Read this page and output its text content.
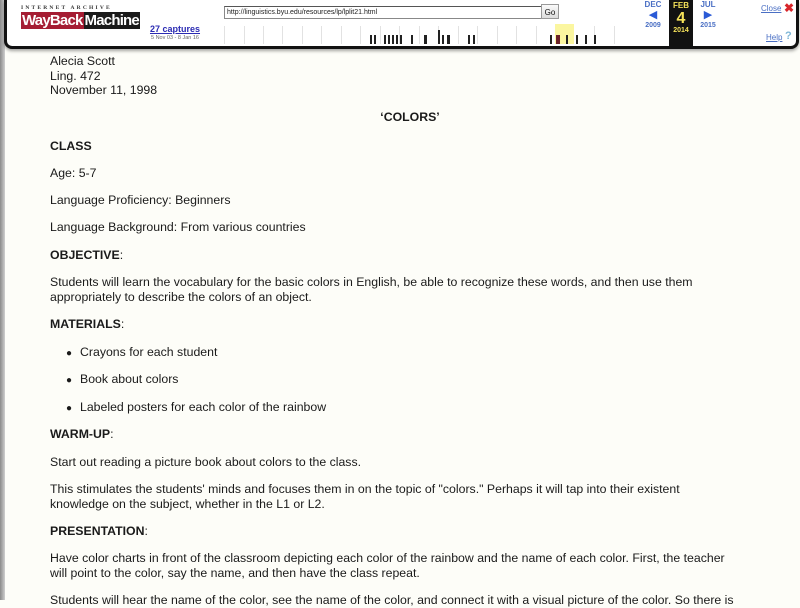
INTERNET ARCHIVE
WayBack Machine	27 captures
5 Nov 03 - 8 Jan 16
http://linguistics.byu.edu/resources/lp/lplit21.html
Go
DEC
◀
2009
FEB
4
2014
JUL
▶
2015
Close ✖
Help ?
Alecia Scott
Ling. 472
November 11, 1998
‘COLORS’
CLASS

Age: 5-7

Language Proficiency: Beginners

Language Background: From various countries

OBJECTIVE:

Students will learn the vocabulary for the basic colors in English, be able to recognize these words, and then use them

appropriately to describe the colors of an object.

MATERIALS:
● Crayons for each student
● Book about colors
● Labeled posters for each color of the rainbow
WARM-UP:

Start out reading a picture book about colors to the class.

This stimulates the students' minds and focuses them in on the topic of "colors." Perhaps it will tap into their existent

knowledge on the subject, whether in the L1 or L2.

PRESENTATION:

Have color charts in front of the classroom depicting each color of the rainbow and the name of each color. First, the teacher

will point to the color, say the name, and then have the class repeat.

Students will hear the name of the color, see the name of the color, and connect it with a visual picture of the color. So there is
